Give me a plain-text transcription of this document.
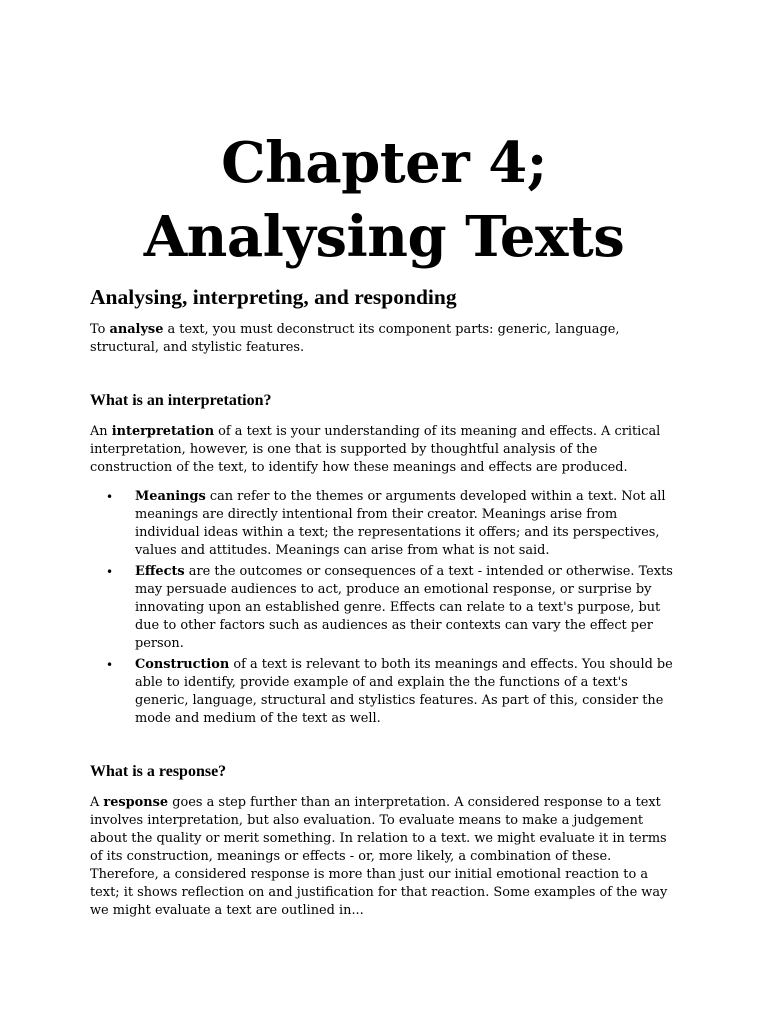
Chapter 4; Analysing Texts
Analysing, interpreting, and responding

To analyse a text, you must deconstruct its component parts: generic, language, structural, and stylistic features.

What is an interpretation?

An interpretation of a text is your understanding of its meaning and effects. A critical interpretation, however, is one that is supported by thoughtful analysis of the construction of the text, to identify how these meanings and effects are produced.

• Meanings can refer to the themes or arguments developed within a text. Not all meanings are directly intentional from their creator. Meanings arise from individual ideas within a text; the representations it offers; and its perspectives, values and attitudes. Meanings can arise from what is not said.
• Effects are the outcomes or consequences of a text - intended or otherwise. Texts may persuade audiences to act, produce an emotional response, or surprise by innovating upon an established genre. Effects can relate to a text's purpose, but due to other factors such as audiences as their contexts can vary the effect per person.
• Construction of a text is relevant to both its meanings and effects. You should be able to identify, provide example of and explain the the functions of a text's generic, language, structural and stylistics features. As part of this, consider the mode and medium of the text as well.
What is a response?

A response goes a step further than an interpretation. A considered response to a text involves interpretation, but also evaluation. To evaluate means to make a judgement about the quality or merit something. In relation to a text. we might evaluate it in terms of its construction, meanings or effects - or, more likely, a combination of these. Therefore, a considered response is more than just our initial emotional reaction to a text; it shows reflection on and justification for that reaction. Some examples of the way we might evaluate a text are outlined in...
